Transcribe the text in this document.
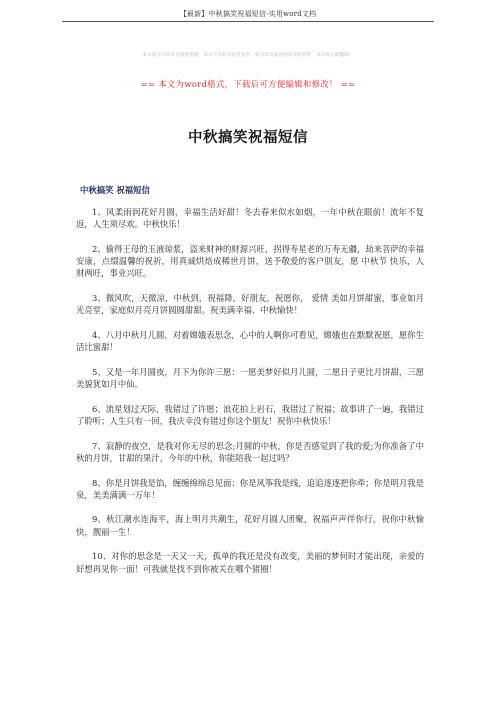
【最新】中秋搞笑祝福短信-实用word文档
本文部分内容来自网络整理，本司不为其真实性负责，如有异议或侵权请及时联系，本司将立即删除！
== 本文为word格式，下载后可方便编辑和修改！ ==
中秋搞笑祝福短信
中秋搞笑 祝福短信

1、风柔雨润花好月圆，幸福生活好甜！冬去春来似水如烟，一年中秋在眼前！流年不复返，人生须尽欢。中秋快乐！

2、偷得王母的玉液琼浆，盗来财神的财源兴旺，拐得寿星老的万寿无疆，劫来菩萨的幸福安康，点缀温馨的祝祈，用真诚烘焙成稀世月饼，送予敬爱的客户朋友，愿 中秋节 快乐，人财两旺，事业兴旺。

3、微风吹，天微凉，中秋到，祝福降，好朋友，祝愿你， 爱情 美如月饼甜蜜，事业如月光亮堂，家庭似月亮月饼圆圆甜甜。祝美满幸福、中秋愉快！

4、八月中秋月儿圆，对着嫦娥表思念，心中的人啊你可看见，嫦娥也在默默祝愿，愿你生活比蜜甜！

5、又是一年月圆夜，月下为你许三愿：一愿美梦好似月儿圆，二愿日子更比月饼甜，三愿美貌犹如月中仙。

6、流星划过天际，我错过了许愿；浪花拍上岩石，我错过了祝福；故事讲了一遍，我错过了聆听；人生只有一回，我庆幸没有错过你这个朋友！祝你中秋快乐！

7、寂静的夜空，是我对你无尽的思念;月圆的中秋，你是否感觉到了我的爱;为你准备了中秋的月饼，甘甜的果汁，今年的中秋，你能陪我一起过吗？

8、你是月饼我是馅，缠缠绵绵总见面；你是风筝我是线，追追逐逐把你牵；你是明月我是泉，美美满满一万年！

9、秋江潮水连海平，海上明月共潮生，花好月圆人团聚，祝福声声伴你行。祝你中秋愉快，靓丽一生！

10、对你的思念是一天又一天，孤单的我还是没有改变，美丽的梦何时才能出现，亲爱的好想再见你一面！可我就是找不到你被关在哪个猪圈！
